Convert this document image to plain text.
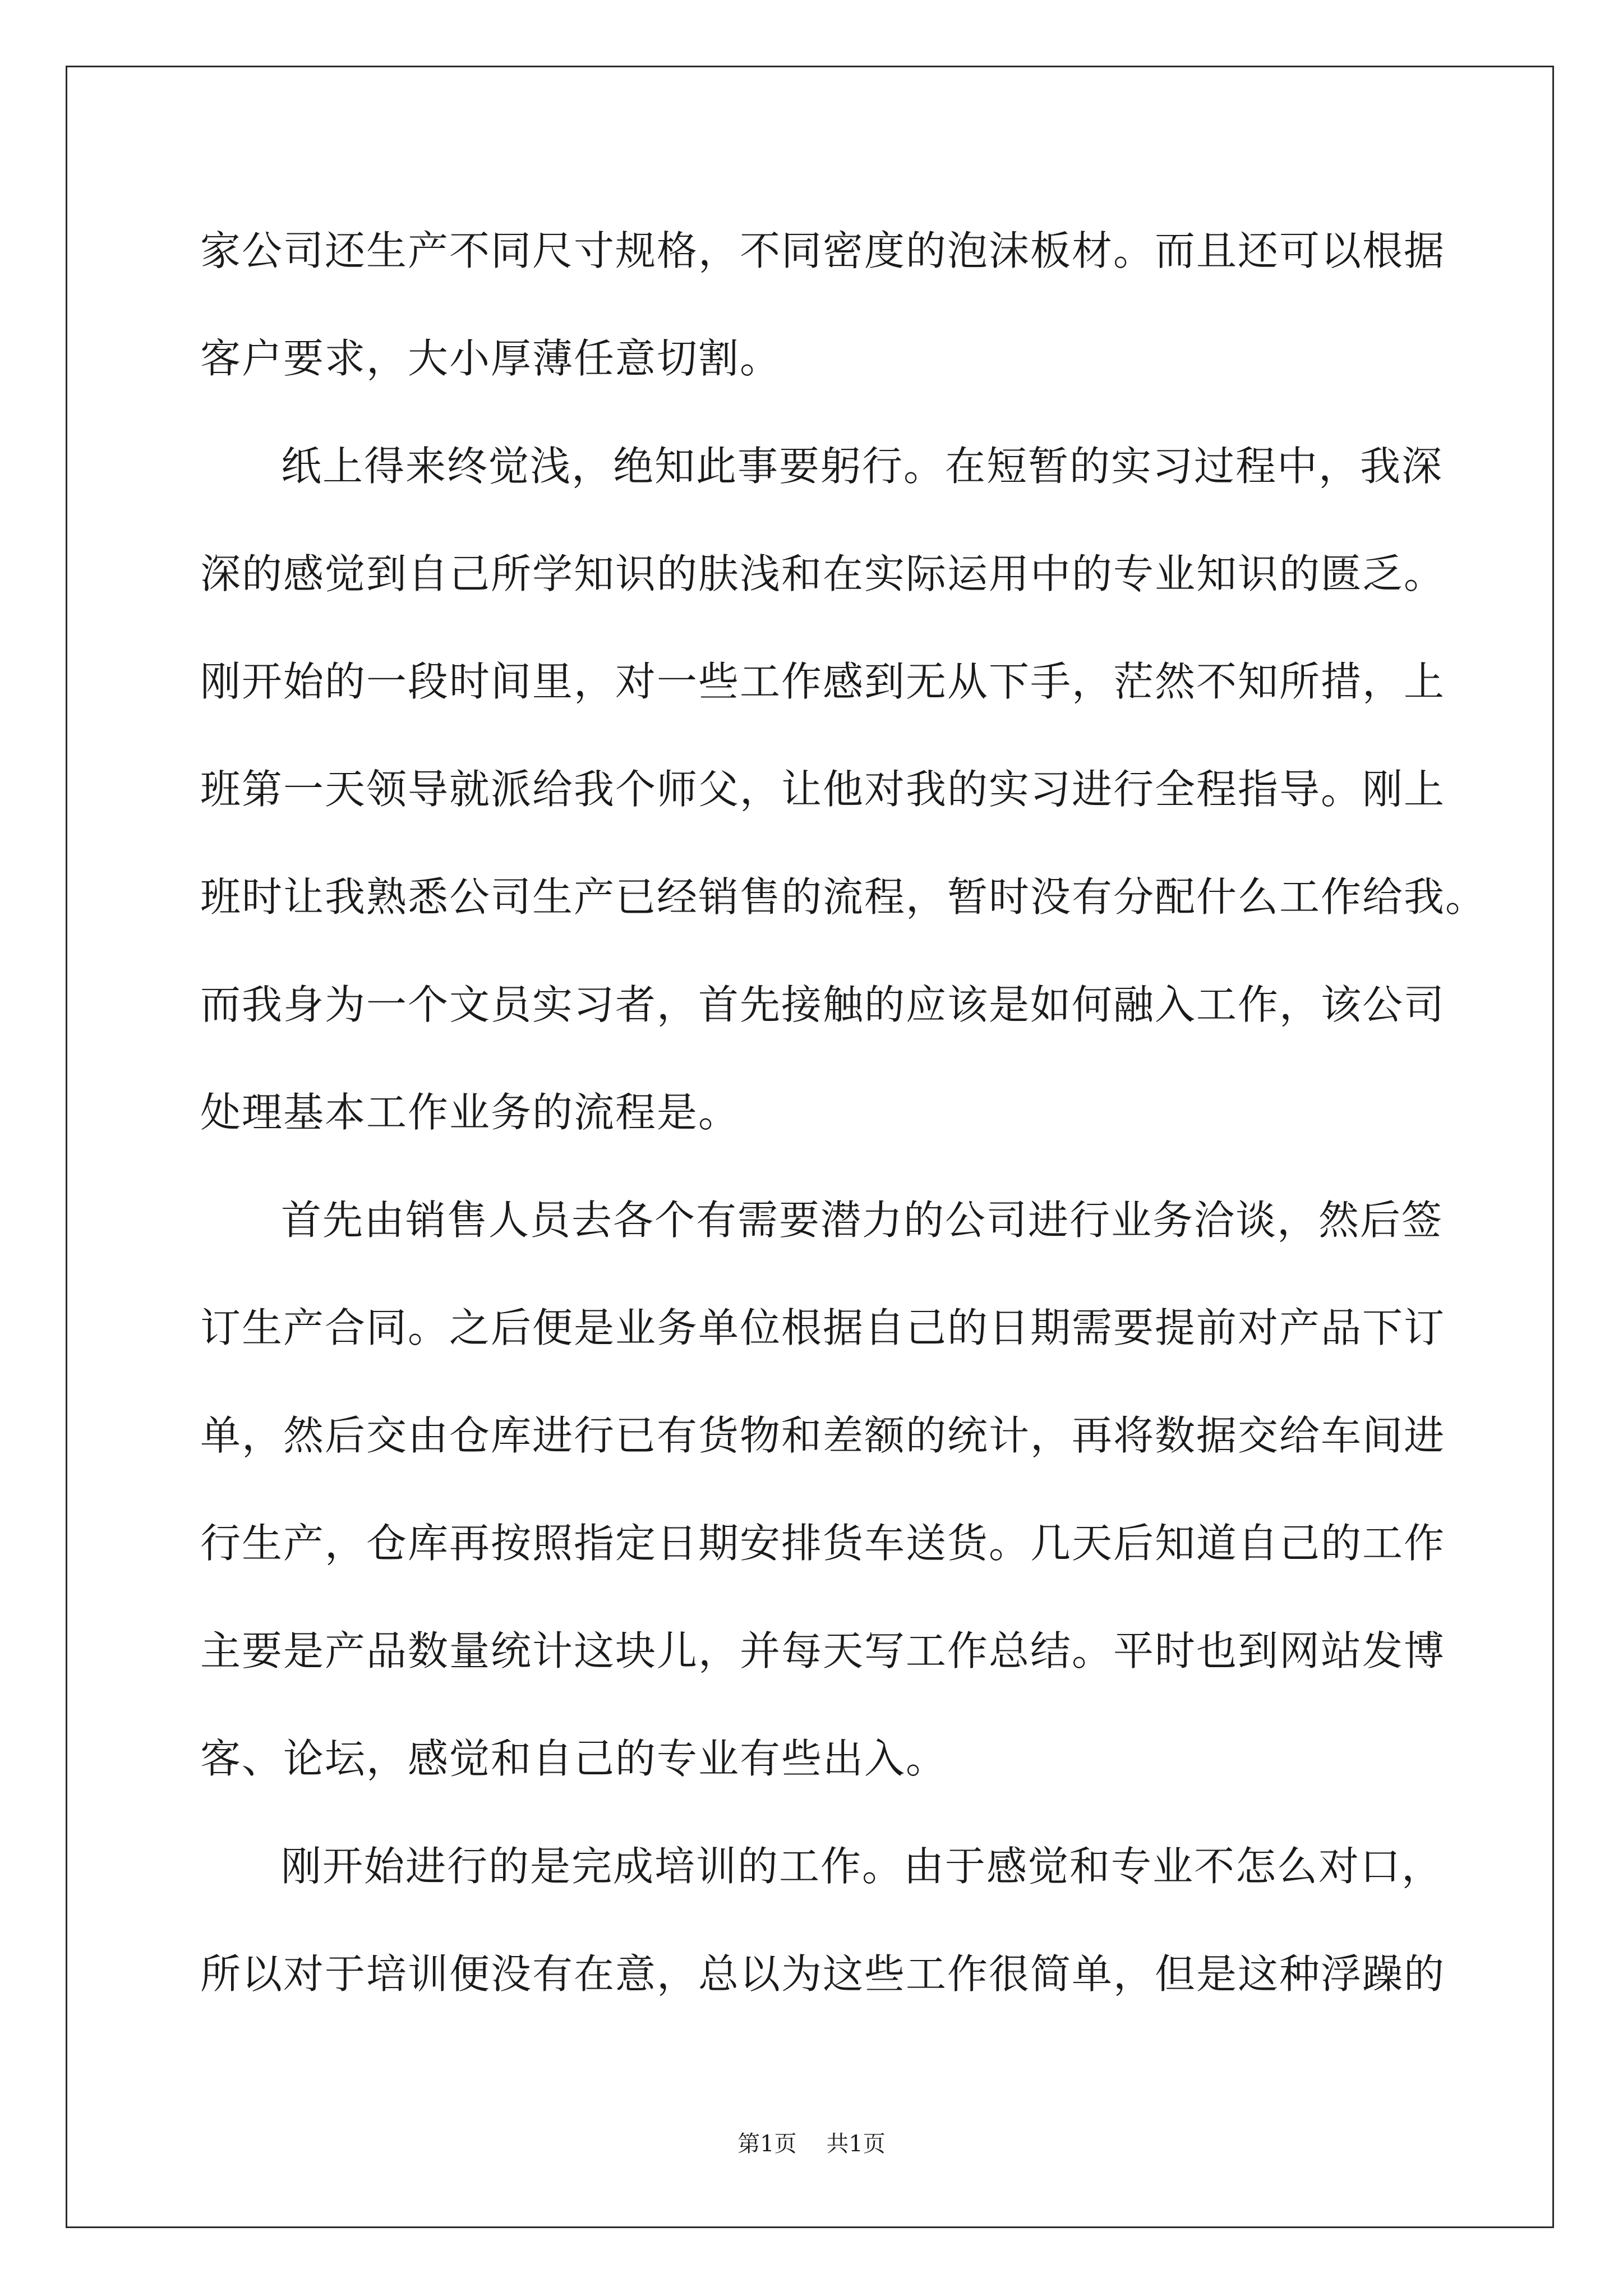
家公司还生产不同尺寸规格，不同密度的泡沫板材。而且还可以根据
客户要求，大小厚薄任意切割。
纸上得来终觉浅，绝知此事要躬行。在短暂的实习过程中，我深
深的感觉到自己所学知识的肤浅和在实际运用中的专业知识的匮乏。
刚开始的一段时间里，对一些工作感到无从下手，茫然不知所措，上
班第一天领导就派给我个师父，让他对我的实习进行全程指导。刚上
班时让我熟悉公司生产已经销售的流程，暂时没有分配什么工作给我。
而我身为一个文员实习者，首先接触的应该是如何融入工作，该公司
处理基本工作业务的流程是。
首先由销售人员去各个有需要潜力的公司进行业务洽谈，然后签
订生产合同。之后便是业务单位根据自己的日期需要提前对产品下订
单，然后交由仓库进行已有货物和差额的统计，再将数据交给车间进
行生产，仓库再按照指定日期安排货车送货。几天后知道自己的工作
主要是产品数量统计这块儿，并每天写工作总结。平时也到网站发博
客、论坛，感觉和自己的专业有些出入。
刚开始进行的是完成培训的工作。由于感觉和专业不怎么对口，
所以对于培训便没有在意，总以为这些工作很简单，但是这种浮躁的
第1页 共1页
